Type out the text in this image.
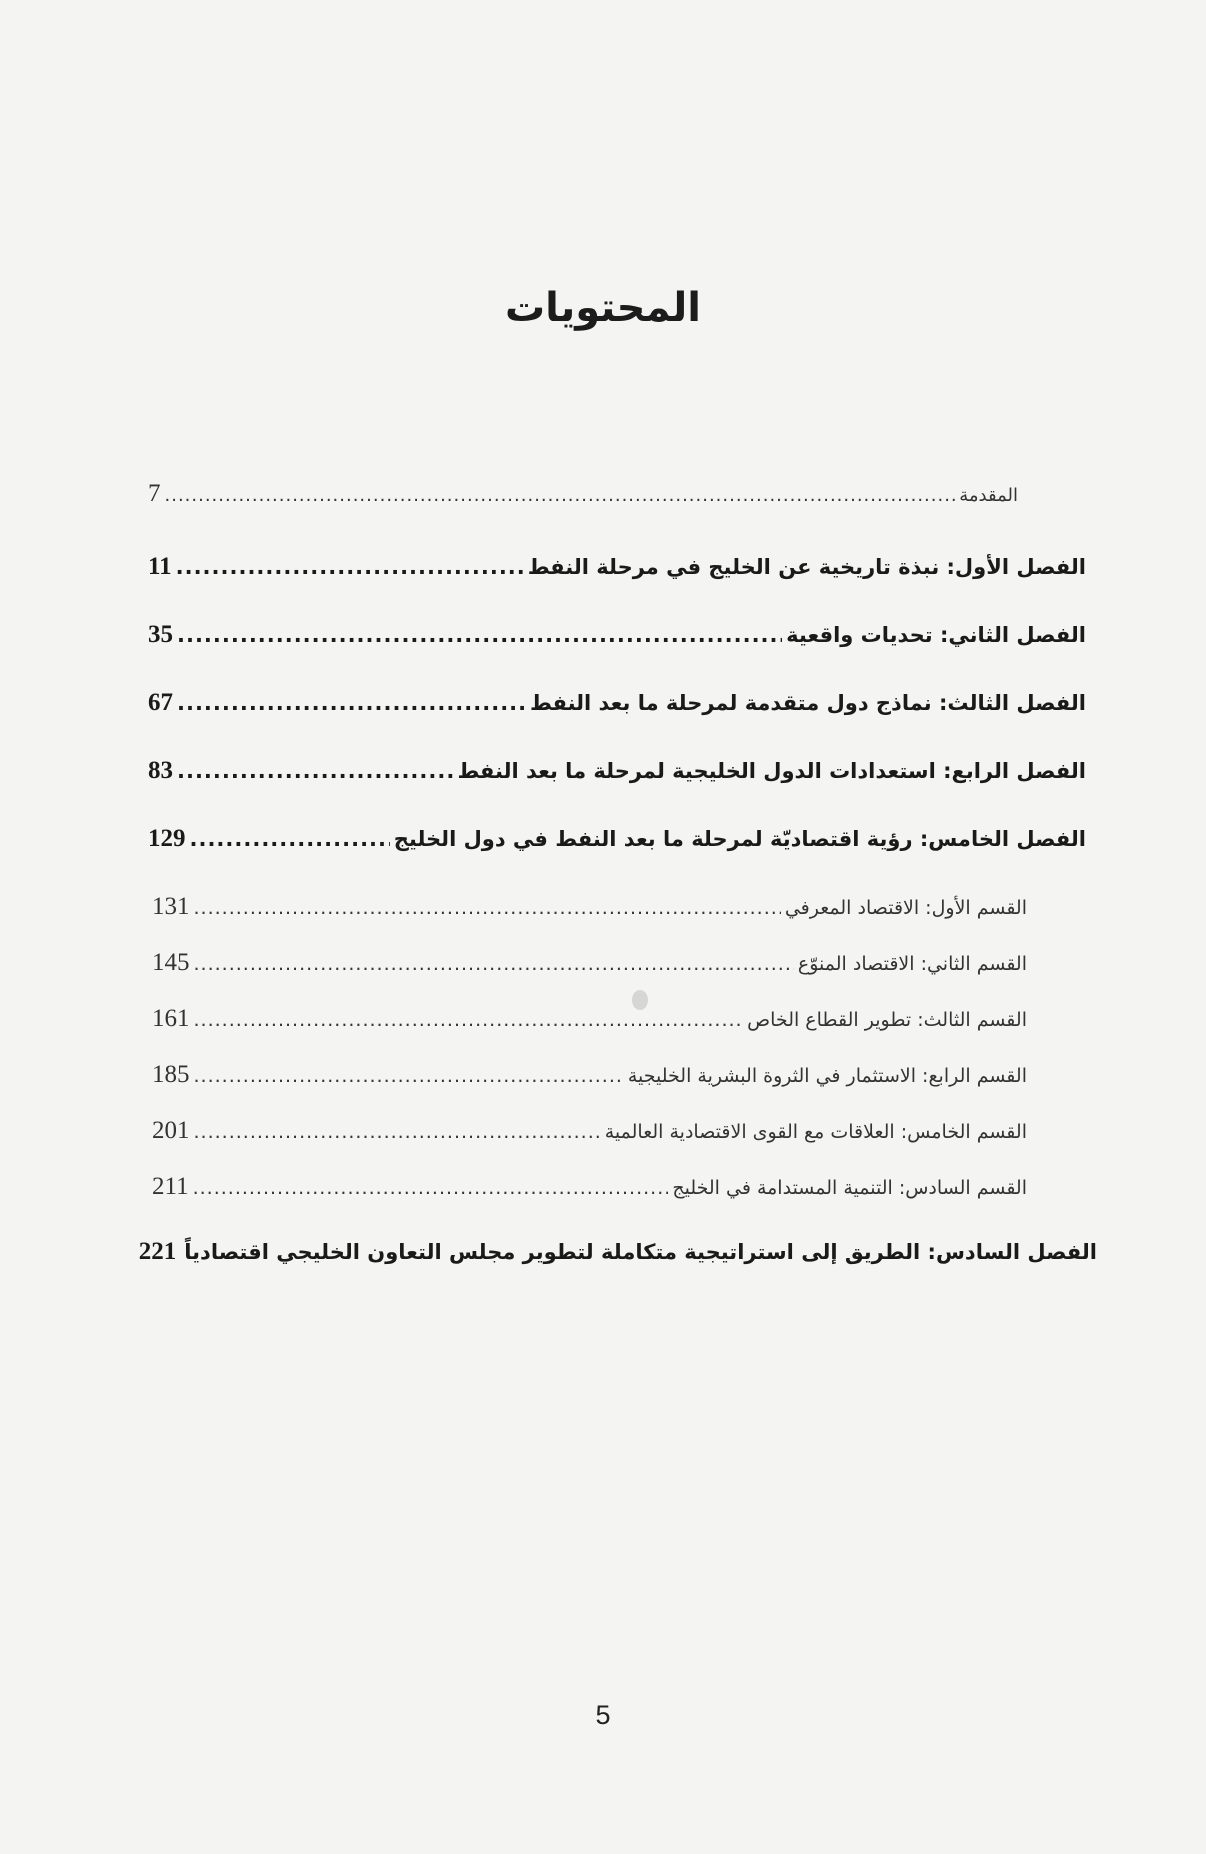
المحتويات
المقدمة
.....
7
الفصل الأول: نبذة تاريخية عن الخليج في مرحلة النفط
.....
11
الفصل الثاني: تحديات واقعية
.....
35
الفصل الثالث: نماذج دول متقدمة لمرحلة ما بعد النفط
.....
67
الفصل الرابع: استعدادات الدول الخليجية لمرحلة ما بعد النفط
.....
83
الفصل الخامس: رؤية اقتصاديّة لمرحلة ما بعد النفط في دول الخليج
.....
129
القسم الأول: الاقتصاد المعرفي
.....
131
القسم الثاني: الاقتصاد المنوّع
.....
145
القسم الثالث: تطوير القطاع الخاص
.....
161
القسم الرابع: الاستثمار في الثروة البشرية الخليجية
.....
185
القسم الخامس: العلاقات مع القوى الاقتصادية العالمية
.....
201
القسم السادس: التنمية المستدامة في الخليج
.....
211
الفصل السادس: الطريق إلى استراتيجية متكاملة لتطوير مجلس التعاون الخليجي اقتصادياً
221
5
